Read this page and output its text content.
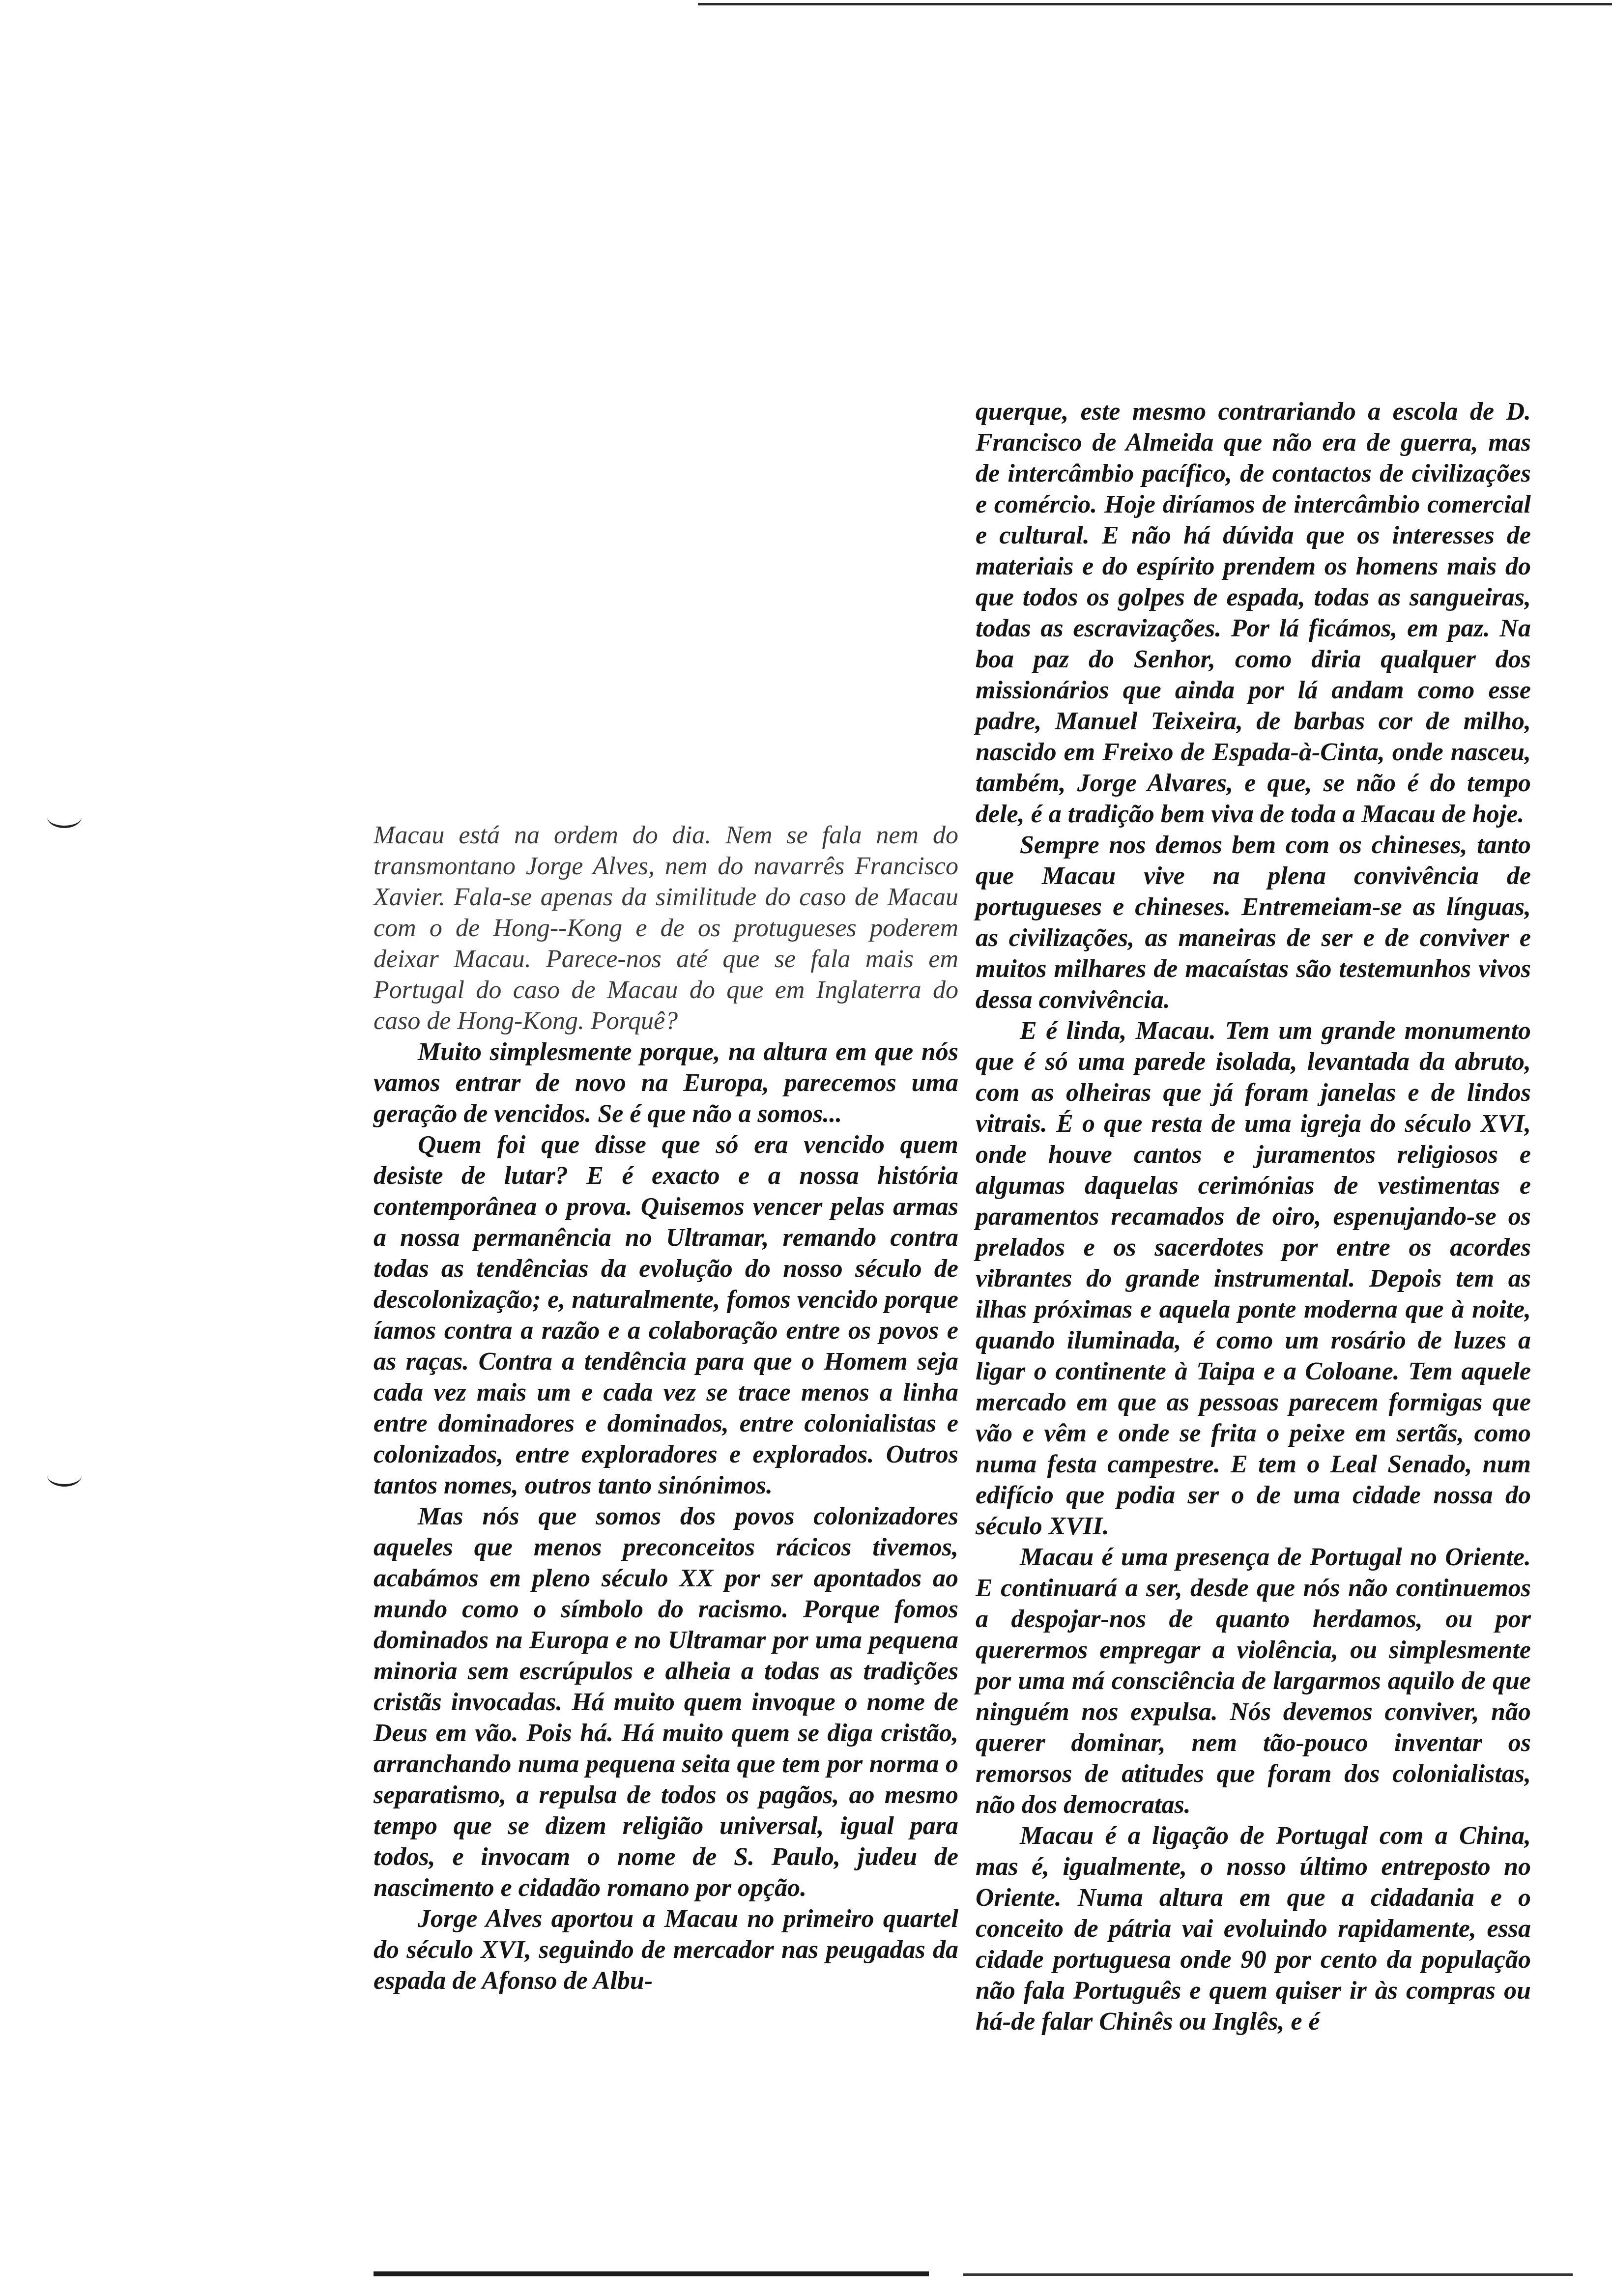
Macau está na ordem do dia. Nem se fala nem do transmontano Jorge Alves, nem do navarrês Francisco Xavier. Fala-se apenas da similitude do caso de Macau com o de Hong--Kong e de os protugueses poderem deixar Macau. Parece-nos até que se fala mais em Portugal do caso de Macau do que em Inglaterra do caso de Hong-Kong. Porquê?

Muito simplesmente porque, na altura em que nós vamos entrar de novo na Europa, parecemos uma geração de vencidos. Se é que não a somos...

Quem foi que disse que só era vencido quem desiste de lutar? E é exacto e a nossa história contemporânea o prova. Quisemos vencer pelas armas a nossa permanência no Ultramar, remando contra todas as tendências da evolução do nosso século de descolonização; e, naturalmente, fomos vencido porque íamos contra a razão e a colaboração entre os povos e as raças. Contra a tendência para que o Homem seja cada vez mais um e cada vez se trace menos a linha entre dominadores e dominados, entre colonialistas e colonizados, entre exploradores e explorados. Outros tantos nomes, outros tanto sinónimos.

Mas nós que somos dos povos colonizadores aqueles que menos preconceitos rácicos tivemos, acabámos em pleno século XX por ser apontados ao mundo como o símbolo do racismo. Porque fomos dominados na Europa e no Ultramar por uma pequena minoria sem escrúpulos e alheia a todas as tradições cristãs invocadas. Há muito quem invoque o nome de Deus em vão. Pois há. Há muito quem se diga cristão, arranchando numa pequena seita que tem por norma o separatismo, a repulsa de todos os pagãos, ao mesmo tempo que se dizem religião universal, igual para todos, e invocam o nome de S. Paulo, judeu de nascimento e cidadão romano por opção.

Jorge Alves aportou a Macau no primeiro quartel do século XVI, seguindo de mercador nas peugadas da espada de Afonso de Albu-

querque, este mesmo contrariando a escola de D. Francisco de Almeida que não era de guerra, mas de intercâmbio pacífico, de contactos de civilizações e comércio. Hoje diríamos de intercâmbio comercial e cultural. E não há dúvida que os interesses de materiais e do espírito prendem os homens mais do que todos os golpes de espada, todas as sangueiras, todas as escravizações. Por lá ficámos, em paz. Na boa paz do Senhor, como diria qualquer dos missionários que ainda por lá andam como esse padre, Manuel Teixeira, de barbas cor de milho, nascido em Freixo de Espada-à-Cinta, onde nasceu, também, Jorge Alvares, e que, se não é do tempo dele, é a tradição bem viva de toda a Macau de hoje.

Sempre nos demos bem com os chineses, tanto que Macau vive na plena convivência de portugueses e chineses. Entremeiam-se as línguas, as civilizações, as maneiras de ser e de conviver e muitos milhares de macaístas são testemunhos vivos dessa convivência.

E é linda, Macau. Tem um grande monumento que é só uma parede isolada, levantada da abruto, com as olheiras que já foram janelas e de lindos vitrais. É o que resta de uma igreja do século XVI, onde houve cantos e juramentos religiosos e algumas daquelas cerimónias de vestimentas e paramentos recamados de oiro, espenujando-se os prelados e os sacerdotes por entre os acordes vibrantes do grande instrumental. Depois tem as ilhas próximas e aquela ponte moderna que à noite, quando iluminada, é como um rosário de luzes a ligar o continente à Taipa e a Coloane. Tem aquele mercado em que as pessoas parecem formigas que vão e vêm e onde se frita o peixe em sertãs, como numa festa campestre. E tem o Leal Senado, num edifício que podia ser o de uma cidade nossa do século XVII.

Macau é uma presença de Portugal no Oriente. E continuará a ser, desde que nós não continuemos a despojar-nos de quanto herdamos, ou por querermos empregar a violência, ou simplesmente por uma má consciência de largarmos aquilo de que ninguém nos expulsa. Nós devemos conviver, não querer dominar, nem tão-pouco inventar os remorsos de atitudes que foram dos colonialistas, não dos democratas.

Macau é a ligação de Portugal com a China, mas é, igualmente, o nosso último entreposto no Oriente. Numa altura em que a cidadania e o conceito de pátria vai evoluindo rapidamente, essa cidade portuguesa onde 90 por cento da população não fala Português e quem quiser ir às compras ou há-de falar Chinês ou Inglês, e é
